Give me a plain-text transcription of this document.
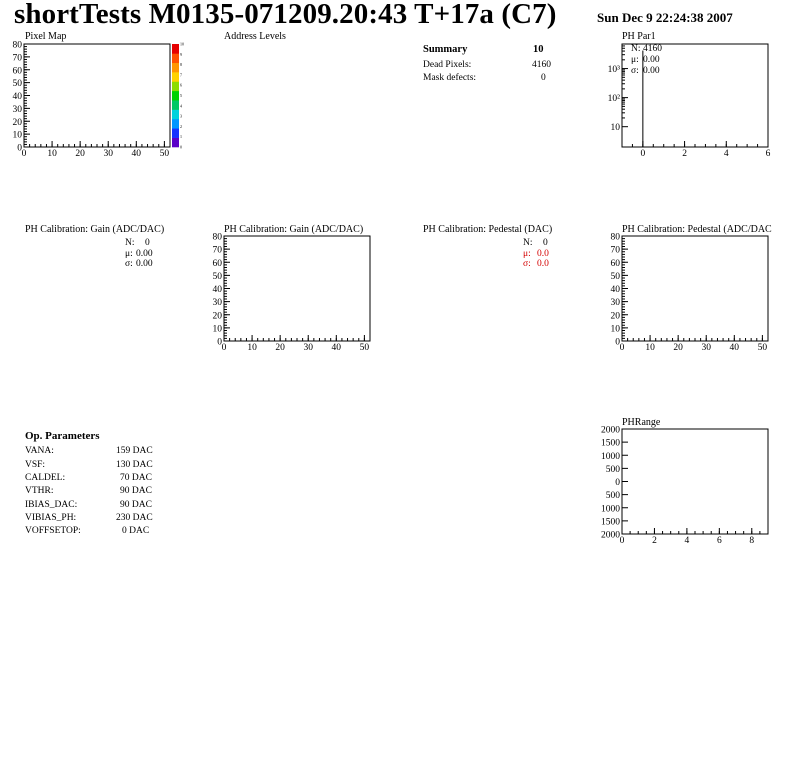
shortTests M0135-071209.20:43 T+17a (C7)	Sun Dec 9 22:24:38 2007
Pixel Map	Address Levels	PH Par1
PH Calibration: Gain (ADC/DAC)	PH Calibration: Gain (ADC/DAC)	PH Calibration: Pedestal (DAC)	PH Calibration: Pedestal (ADC/DAC
PHRange
Summary	10
Dead Pixels:	4160
Mask defects:	0
N: 4160
μ: 0.00
σ: 0.00
N: 0
μ: 0.00
σ: 0.00
N: 0
μ: 0.0
σ: 0.0
Op. Parameters
VANA:	159 DAC
VSF:	130 DAC
CALDEL:	70 DAC
VTHR:	90 DAC
IBIAS_DAC:	90 DAC
VIBIAS_PH:	230 DAC
VOFFSETOP:	0 DAC
0 10 20 30 40 50
0
10
20
30
40
50
60
70
80
0
1
2
3
4
5
6
7
8
9
10
0 10 20 30 40 50
0
10
20
30
40
50
60
70
80
0 10 20 30 40 50
0
10
20
30
40
50
60
70
80
0	2	4	6
10
10²
10³
0	2	4	6	8
2000
1500
1000
500
0
500
1000
1500
2000
